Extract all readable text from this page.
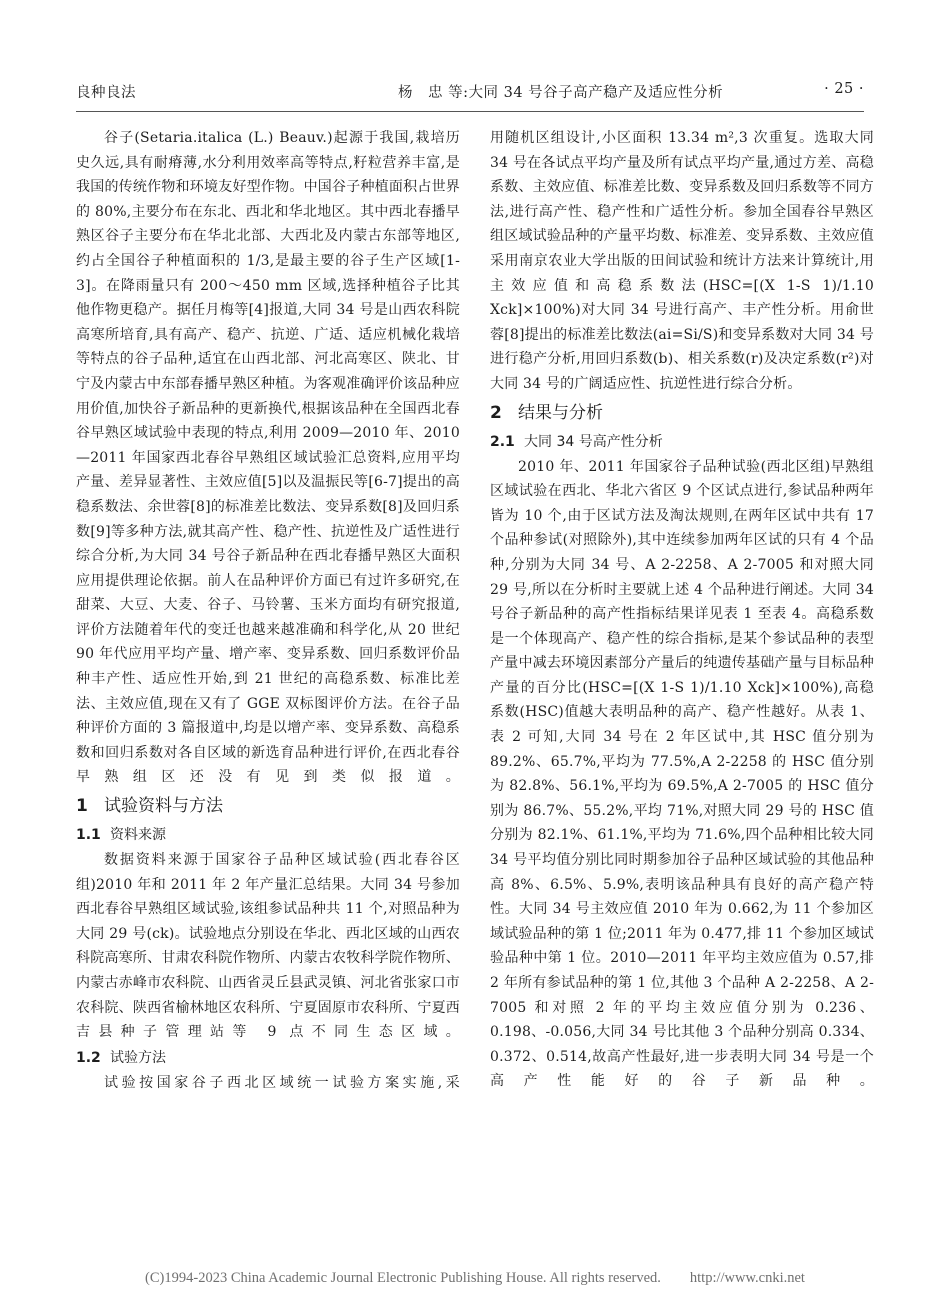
良种良法	杨　忠 等:大同 34 号谷子高产稳产及适应性分析	· 25 ·

谷子(Setaria.italica (L.) Beauv.)起源于我国,栽培历史久远,具有耐瘠薄,水分利用效率高等特点,籽粒营养丰富,是我国的传统作物和环境友好型作物。中国谷子种植面积占世界的 80%,主要分布在东北、西北和华北地区。其中西北春播早熟区谷子主要分布在华北北部、大西北及内蒙古东部等地区,约占全国谷子种植面积的 1/3,是最主要的谷子生产区域[1-3]。在降雨量只有 200～450 mm 区域,选择种植谷子比其他作物更稳产。据任月梅等[4]报道,大同 34 号是山西农科院高寒所培育,具有高产、稳产、抗逆、广适、适应机械化栽培等特点的谷子品种,适宜在山西北部、河北高寒区、陕北、甘宁及内蒙古中东部春播早熟区种植。为客观准确评价该品种应用价值,加快谷子新品种的更新换代,根据该品种在全国西北春谷早熟区域试验中表现的特点,利用 2009—2010 年、2010—2011 年国家西北春谷早熟组区域试验汇总资料,应用平均产量、差异显著性、主效应值[5]以及温振民等[6-7]提出的高稳系数法、余世蓉[8]的标准差比数法、变异系数[8]及回归系数[9]等多种方法,就其高产性、稳产性、抗逆性及广适性进行综合分析,为大同 34 号谷子新品种在西北春播早熟区大面积应用提供理论依据。前人在品种评价方面已有过许多研究,在甜菜、大豆、大麦、谷子、马铃薯、玉米方面均有研究报道,评价方法随着年代的变迁也越来越准确和科学化,从 20 世纪 90 年代应用平均产量、增产率、变异系数、回归系数评价品种丰产性、适应性开始,到 21 世纪的高稳系数、标准比差法、主效应值,现在又有了 GGE 双标图评价方法。在谷子品种评价方面的 3 篇报道中,均是以增产率、变异系数、高稳系数和回归系数对各自区域的新选育品种进行评价,在西北春谷早熟组区还没有见到类似报道。

1 试验资料与方法
1.1 资料来源

数据资料来源于国家谷子品种区域试验(西北春谷区组)2010 年和 2011 年 2 年产量汇总结果。大同 34 号参加西北春谷早熟组区域试验,该组参试品种共 11 个,对照品种为大同 29 号(ck)。试验地点分别设在华北、西北区域的山西农科院高寒所、甘肃农科院作物所、内蒙古农牧科学院作物所、内蒙古赤峰市农科院、山西省灵丘县武灵镇、河北省张家口市农科院、陕西省榆林地区农科所、宁夏固原市农科所、宁夏西吉县种子管理站等 9 点不同生态区域。

1.2 试验方法

试验按国家谷子西北区域统一试验方案实施,采

用随机区组设计,小区面积 13.34 m²,3 次重复。选取大同 34 号在各试点平均产量及所有试点平均产量,通过方差、高稳系数、主效应值、标准差比数、变异系数及回归系数等不同方法,进行高产性、稳产性和广适性分析。参加全国春谷早熟区组区域试验品种的产量平均数、标准差、变异系数、主效应值采用南京农业大学出版的田间试验和统计方法来计算统计,用主效应值和高稳系数法(HSC=[(X 1-S 1)/1.10 Xck]×100%)对大同 34 号进行高产、丰产性分析。用俞世蓉[8]提出的标准差比数法(ai=Si/S)和变异系数对大同 34 号进行稳产分析,用回归系数(b)、相关系数(r)及决定系数(r²)对大同 34 号的广阔适应性、抗逆性进行综合分析。

2 结果与分析
2.1 大同 34 号高产性分析

2010 年、2011 年国家谷子品种试验(西北区组)早熟组区域试验在西北、华北六省区 9 个区试点进行,参试品种两年皆为 10 个,由于区试方法及淘汰规则,在两年区试中共有 17 个品种参试(对照除外),其中连续参加两年区试的只有 4 个品种,分别为大同 34 号、A 2-2258、A 2-7005 和对照大同 29 号,所以在分析时主要就上述 4 个品种进行阐述。大同 34 号谷子新品种的高产性指标结果详见表 1 至表 4。高稳系数是一个体现高产、稳产性的综合指标,是某个参试品种的表型产量中减去环境因素部分产量后的纯遗传基础产量与目标品种产量的百分比(HSC=[(X 1-S 1)/1.10 Xck]×100%),高稳系数(HSC)值越大表明品种的高产、稳产性越好。从表 1、表 2 可知,大同 34 号在 2 年区试中,其 HSC 值分别为 89.2%、65.7%,平均为 77.5%,A 2-2258 的 HSC 值分别为 82.8%、56.1%,平均为 69.5%,A 2-7005 的 HSC 值分别为 86.7%、55.2%,平均 71%,对照大同 29 号的 HSC 值分别为 82.1%、61.1%,平均为 71.6%,四个品种相比较大同 34 号平均值分别比同时期参加谷子品种区域试验的其他品种高 8%、6.5%、5.9%,表明该品种具有良好的高产稳产特性。大同 34 号主效应值 2010 年为 0.662,为 11 个参加区域试验品种的第 1 位;2011 年为 0.477,排 11 个参加区域试验品种中第 1 位。2010—2011 年平均主效应值为 0.57,排 2 年所有参试品种的第 1 位,其他 3 个品种 A 2-2258、A 2-7005 和对照 2 年的平均主效应值分别为 0.236、0.198、-0.056,大同 34 号比其他 3 个品种分别高 0.334、0.372、0.514,故高产性最好,进一步表明大同 34 号是一个高产性能好的谷子新品种。

(C)1994-2023 China Academic Journal Electronic Publishing House. All rights reserved.　　http://www.cnki.net
